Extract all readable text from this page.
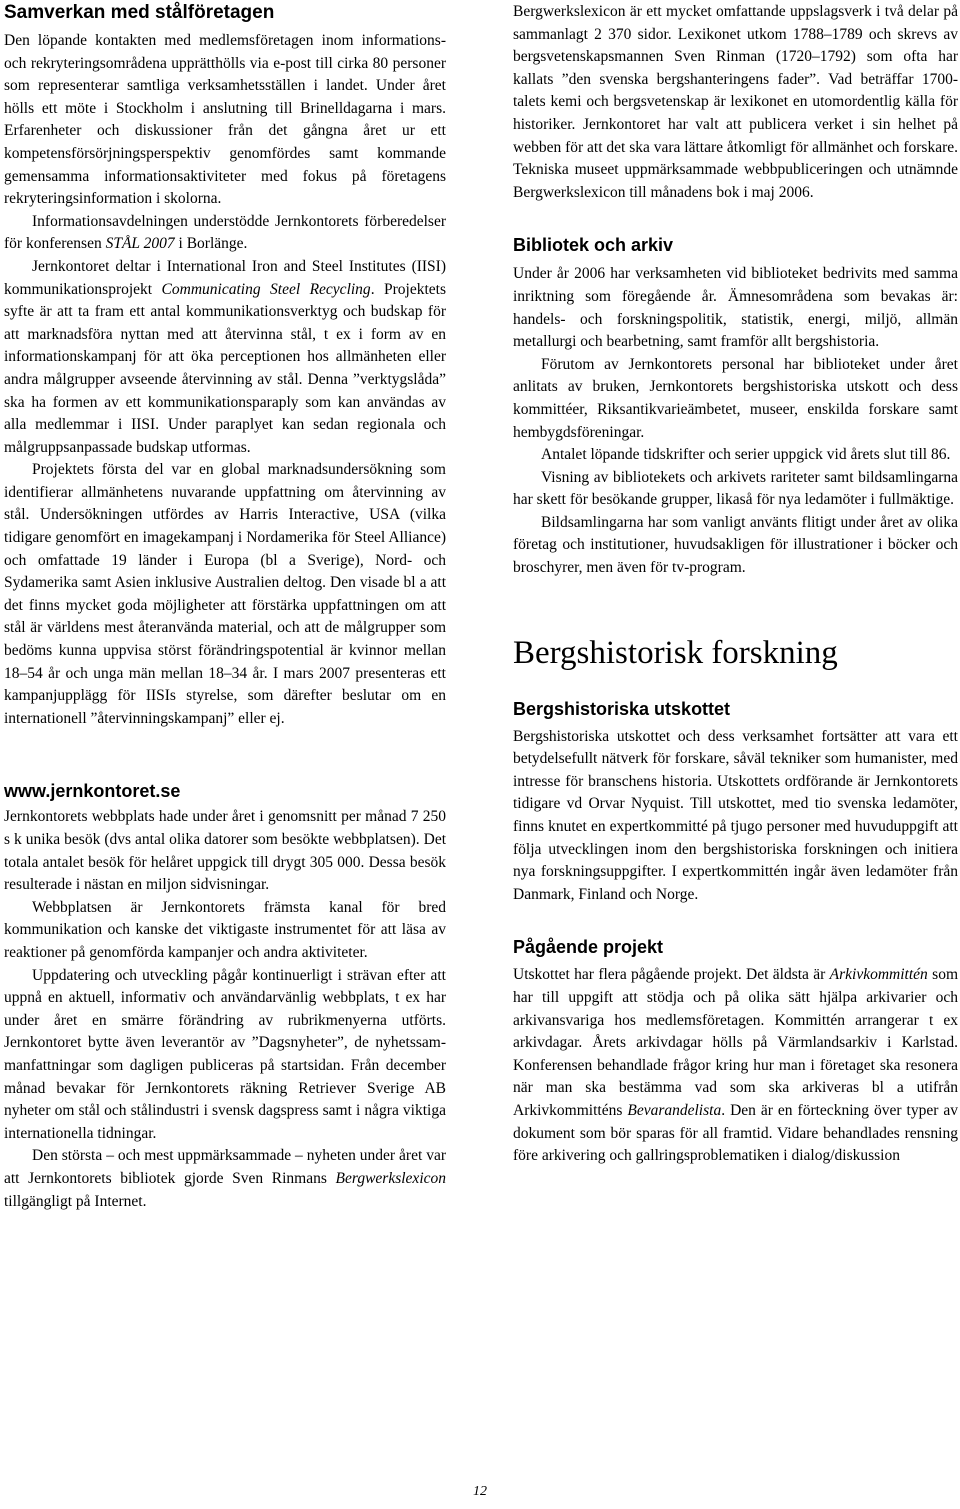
Samverkan med stålföretagen

Den löpande kontakten med medlemsföretagen inom informations- och rekryteringsområdena upprätthölls via e-post till cirka 80 personer som representerar samtliga verksamhetsställen i landet. Under året hölls ett möte i Stockholm i anslutning till Brinelldagarna i mars. Erfarenheter och diskussioner från det gångna året ur ett kompetensförsörjningsperspektiv genomfördes samt kommande gemensamma informationsaktiviteter med fokus på företagens rekryteringsinformation i skolorna.

Informationsavdelningen understödde Jernkontorets förberedelser för konferensen STÅL 2007 i Borlänge.

Jernkontoret deltar i International Iron and Steel Institutes (IISI) kommunikationsprojekt Communicating Steel Recycling. Projektets syfte är att ta fram ett antal kommunikationsverktyg och budskap för att marknadsföra nyttan med att återvinna stål, t ex i form av en informationskampanj för att öka perceptionen hos allmänheten eller andra målgrupper avseende återvinning av stål. Denna ”verktygslåda” ska ha formen av ett kommunikationsparaply som kan användas av alla medlemmar i IISI. Under paraplyet kan sedan regionala och målgruppsanpassade budskap utformas.

Projektets första del var en global marknadsundersökning som identifierar allmänhetens nuvarande uppfattning om återvinning av stål. Undersökningen utfördes av Harris Interactive, USA (vilka tidigare genomfört en imagekampanj i Nordamerika för Steel Alliance) och omfattade 19 länder i Europa (bl a Sverige), Nord- och Sydamerika samt Asien inklusive Australien deltog. Den visade bl a att det finns mycket goda möjligheter att förstärka uppfattningen om att stål är världens mest återanvända material, och att de målgrupper som bedöms kunna uppvisa störst förändringspotential är kvinnor mellan 18–54 år och unga män mellan 18–34 år. I mars 2007 presenteras ett kampanjupplägg för IISIs styrelse, som därefter beslutar om en internationell ”återvinningskampanj” eller ej.

www.jernkontoret.se

Jernkontorets webbplats hade under året i genomsnitt per månad 7 250 s k unika besök (dvs antal olika datorer som besökte webbplatsen). Det totala antalet besök för helåret uppgick till drygt 305 000. Dessa besök resulterade i nästan en miljon sidvisningar.

Webbplatsen är Jernkontorets främsta kanal för bred kommunikation och kanske det viktigaste instrumentet för att läsa av reaktioner på genomförda kampanjer och andra aktiviteter.

Uppdatering och utveckling pågår kontinuerligt i strävan efter att uppnå en aktuell, informativ och användarvänlig webbplats, t ex har under året en smärre förändring av rubrikmenyerna utförts. Jernkontoret bytte även leverantör av ”Dagsnyheter”, de nyhetssammanfattningar som dagligen publiceras på startsidan. Från december månad bevakar för Jernkontorets räkning Retriever Sverige AB nyheter om stål och stålindustri i svensk dagspress samt i några viktiga internationella tidningar.

Den största – och mest uppmärksammade – nyheten under året var att Jernkontorets bibliotek gjorde Sven Rinmans Bergwerkslexicon tillgängligt på Internet.

Bergwerkslexicon är ett mycket omfattande uppslagsverk i två delar på sammanlagt 2 370 sidor. Lexikonet utkom 1788–1789 och skrevs av bergsvetenskapsmannen Sven Rinman (1720–1792) som ofta har kallats ”den svenska bergshanteringens fader”. Vad beträffar 1700-talets kemi och bergsvetenskap är lexikonet en utomordentlig källa för historiker. Jernkontoret har valt att publicera verket i sin helhet på webben för att det ska vara lättare åtkomligt för allmänhet och forskare. Tekniska museet uppmärksammade webbpubliceringen och utnämnde Bergwerkslexicon till månadens bok i maj 2006.

Bibliotek och arkiv

Under år 2006 har verksamheten vid biblioteket bedrivits med samma inriktning som föregående år. Ämnesområdena som bevakas är: handels- och forskningspolitik, statistik, energi, miljö, allmän metallurgi och bearbetning, samt framför allt bergshistoria.

Förutom av Jernkontorets personal har biblioteket under året anlitats av bruken, Jernkontorets bergshistoriska utskott och dess kommittéer, Riksantikvarieämbetet, museer, enskilda forskare samt hembygdsföreningar.

Antalet löpande tidskrifter och serier uppgick vid årets slut till 86.

Visning av bibliotekets och arkivets rariteter samt bildsamlingarna har skett för besökande grupper, likaså för nya ledamöter i fullmäktige.

Bildsamlingarna har som vanligt använts flitigt under året av olika företag och institutioner, huvudsakligen för illustrationer i böcker och broschyrer, men även för tv-program.

Bergshistorisk forskning
Bergshistoriska utskottet

Bergshistoriska utskottet och dess verksamhet fortsätter att vara ett betydelsefullt nätverk för forskare, såväl tekniker som humanister, med intresse för branschens historia. Utskottets ordförande är Jernkontorets tidigare vd Orvar Nyquist. Till utskottet, med tio svenska ledamöter, finns knutet en expertkommitté på tjugo personer med huvuduppgift att följa utvecklingen inom den bergshistoriska forskningen och initiera nya forskningsuppgifter. I expertkommittén ingår även ledamöter från Danmark, Finland och Norge.

Pågående projekt

Utskottet har flera pågående projekt. Det äldsta är Arkivkommittén som har till uppgift att stödja och på olika sätt hjälpa arkivarier och arkivansvariga hos medlemsföretagen. Kommittén arrangerar t ex arkivdagar. Årets arkivdagar hölls på Värmlandsarkiv i Karlstad. Konferensen behandlade frågor kring hur man i företaget ska resonera när man ska bestämma vad som ska arkiveras bl a utifrån Arkivkommitténs Bevarandelista. Den är en förteckning över typer av dokument som bör sparas för all framtid. Vidare behandlades rensning före arkivering och gallringsproblematiken i dialog/diskussion

12
